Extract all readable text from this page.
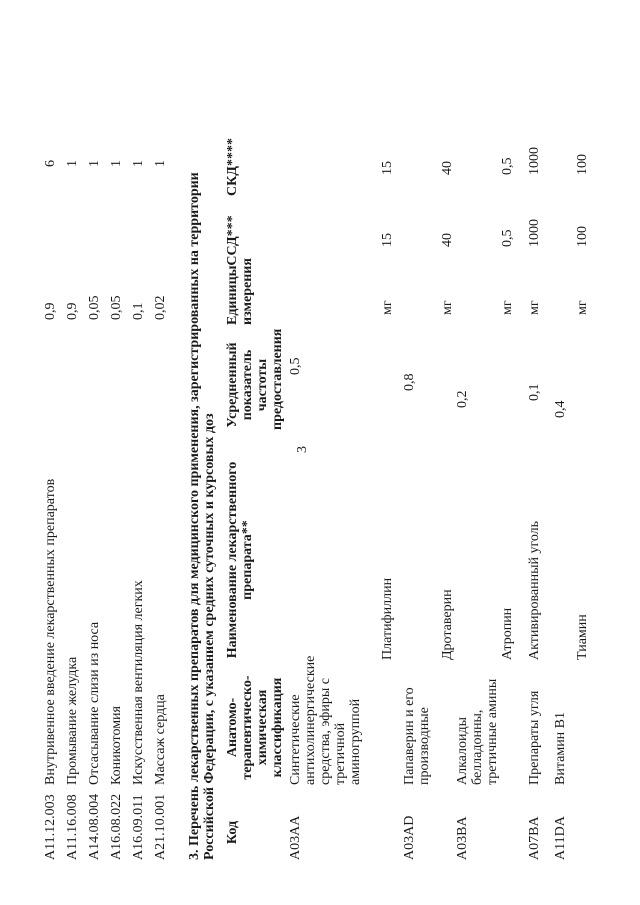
3
A11.12.003
Внутривенное введение лекарственных препаратов
0,9
6
A11.16.008
Промывание желудка
0,9
1
A14.08.004
Отсасывание слизи из носа
0,05
1
A16.08.022
Коникотомия
0,05
1
A16.09.011
Искусственная вентиляция легких
0,1
1
A21.10.001
Массаж сердца
0,02
1
3. Перечень лекарственных препаратов для медицинского применения, зарегистрированных на территории Российской Федерации, с указанием средних суточных и курсовых доз Код
Анатомо-терапевтическо-химическая классификация
Наименование лекарственного препарата**
Усредненный показатель частоты предоставления
Единицы измерения
ССД***
СКД****
A03AA
Синтетические антихолинергические средства, эфиры с третичной аминогруппой
0,5
Платифиллин
мг
15
15
A03AD
Папаверин и его производные
0,8
Дротаверин
мг
40
40
A03BA
Алкалоиды белладонны, третичные амины
0,2
Атропин
мг
0,5
0,5
A07BA
Препараты угля
0,1
Активированный уголь
мг
1000
1000
A11DA
Витамин B1
0,4
Тиамин
мг
100
100
